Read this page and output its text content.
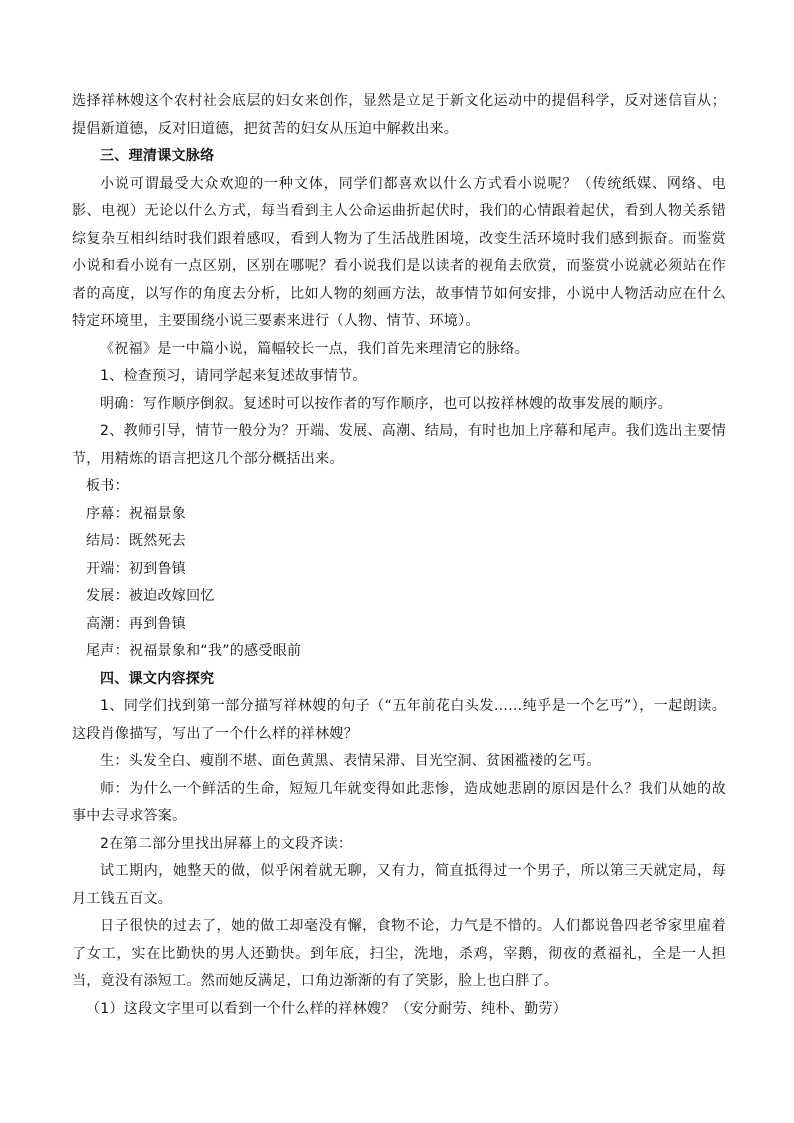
选择祥林嫂这个农村社会底层的妇女来创作，显然是立足于新文化运动中的提倡科学，反对迷信盲从；提倡新道德，反对旧道德，把贫苦的妇女从压迫中解救出来。

三、理清课文脉络

小说可谓最受大众欢迎的一种文体，同学们都喜欢以什么方式看小说呢？（传统纸媒、网络、电影、电视）无论以什么方式，每当看到主人公命运曲折起伏时，我们的心情跟着起伏，看到人物关系错综复杂互相纠结时我们跟着感叹，看到人物为了生活战胜困境，改变生活环境时我们感到振奋。而鉴赏小说和看小说有一点区别，区别在哪呢？看小说我们是以读者的视角去欣赏，而鉴赏小说就必须站在作者的高度，以写作的角度去分析，比如人物的刻画方法，故事情节如何安排，小说中人物活动应在什么特定环境里，主要围绕小说三要素来进行（人物、情节、环境）。

《祝福》是一中篇小说，篇幅较长一点，我们首先来理清它的脉络。

1、检查预习，请同学起来复述故事情节。

明确：写作顺序倒叙。复述时可以按作者的写作顺序，也可以按祥林嫂的故事发展的顺序。

2、教师引导，情节一般分为？开端、发展、高潮、结局，有时也加上序幕和尾声。我们选出主要情节，用精炼的语言把这几个部分概括出来。

板书：

序幕：祝福景象

结局：既然死去

开端：初到鲁镇

发展：被迫改嫁回忆

高潮：再到鲁镇

尾声：祝福景象和“我”的感受眼前

四、课文内容探究

1、同学们找到第一部分描写祥林嫂的句子（“五年前花白头发……纯乎是一个乞丐”），一起朗读。这段肖像描写，写出了一个什么样的祥林嫂？

生：头发全白、瘦削不堪、面色黄黑、表情呆滞、目光空洞、贫困褴褛的乞丐。

师：为什么一个鲜活的生命，短短几年就变得如此悲惨，造成她悲剧的原因是什么？我们从她的故事中去寻求答案。

2在第二部分里找出屏幕上的文段齐读：

试工期内，她整天的做，似乎闲着就无聊，又有力，简直抵得过一个男子，所以第三天就定局，每月工钱五百文。

日子很快的过去了，她的做工却毫没有懈，食物不论，力气是不惜的。人们都说鲁四老爷家里雇着了女工，实在比勤快的男人还勤快。到年底，扫尘，洗地，杀鸡，宰鹅，彻夜的煮福礼，全是一人担当，竟没有添短工。然而她反满足，口角边渐渐的有了笑影，脸上也白胖了。

（1）这段文字里可以看到一个什么样的祥林嫂？（安分耐劳、纯朴、勤劳）
